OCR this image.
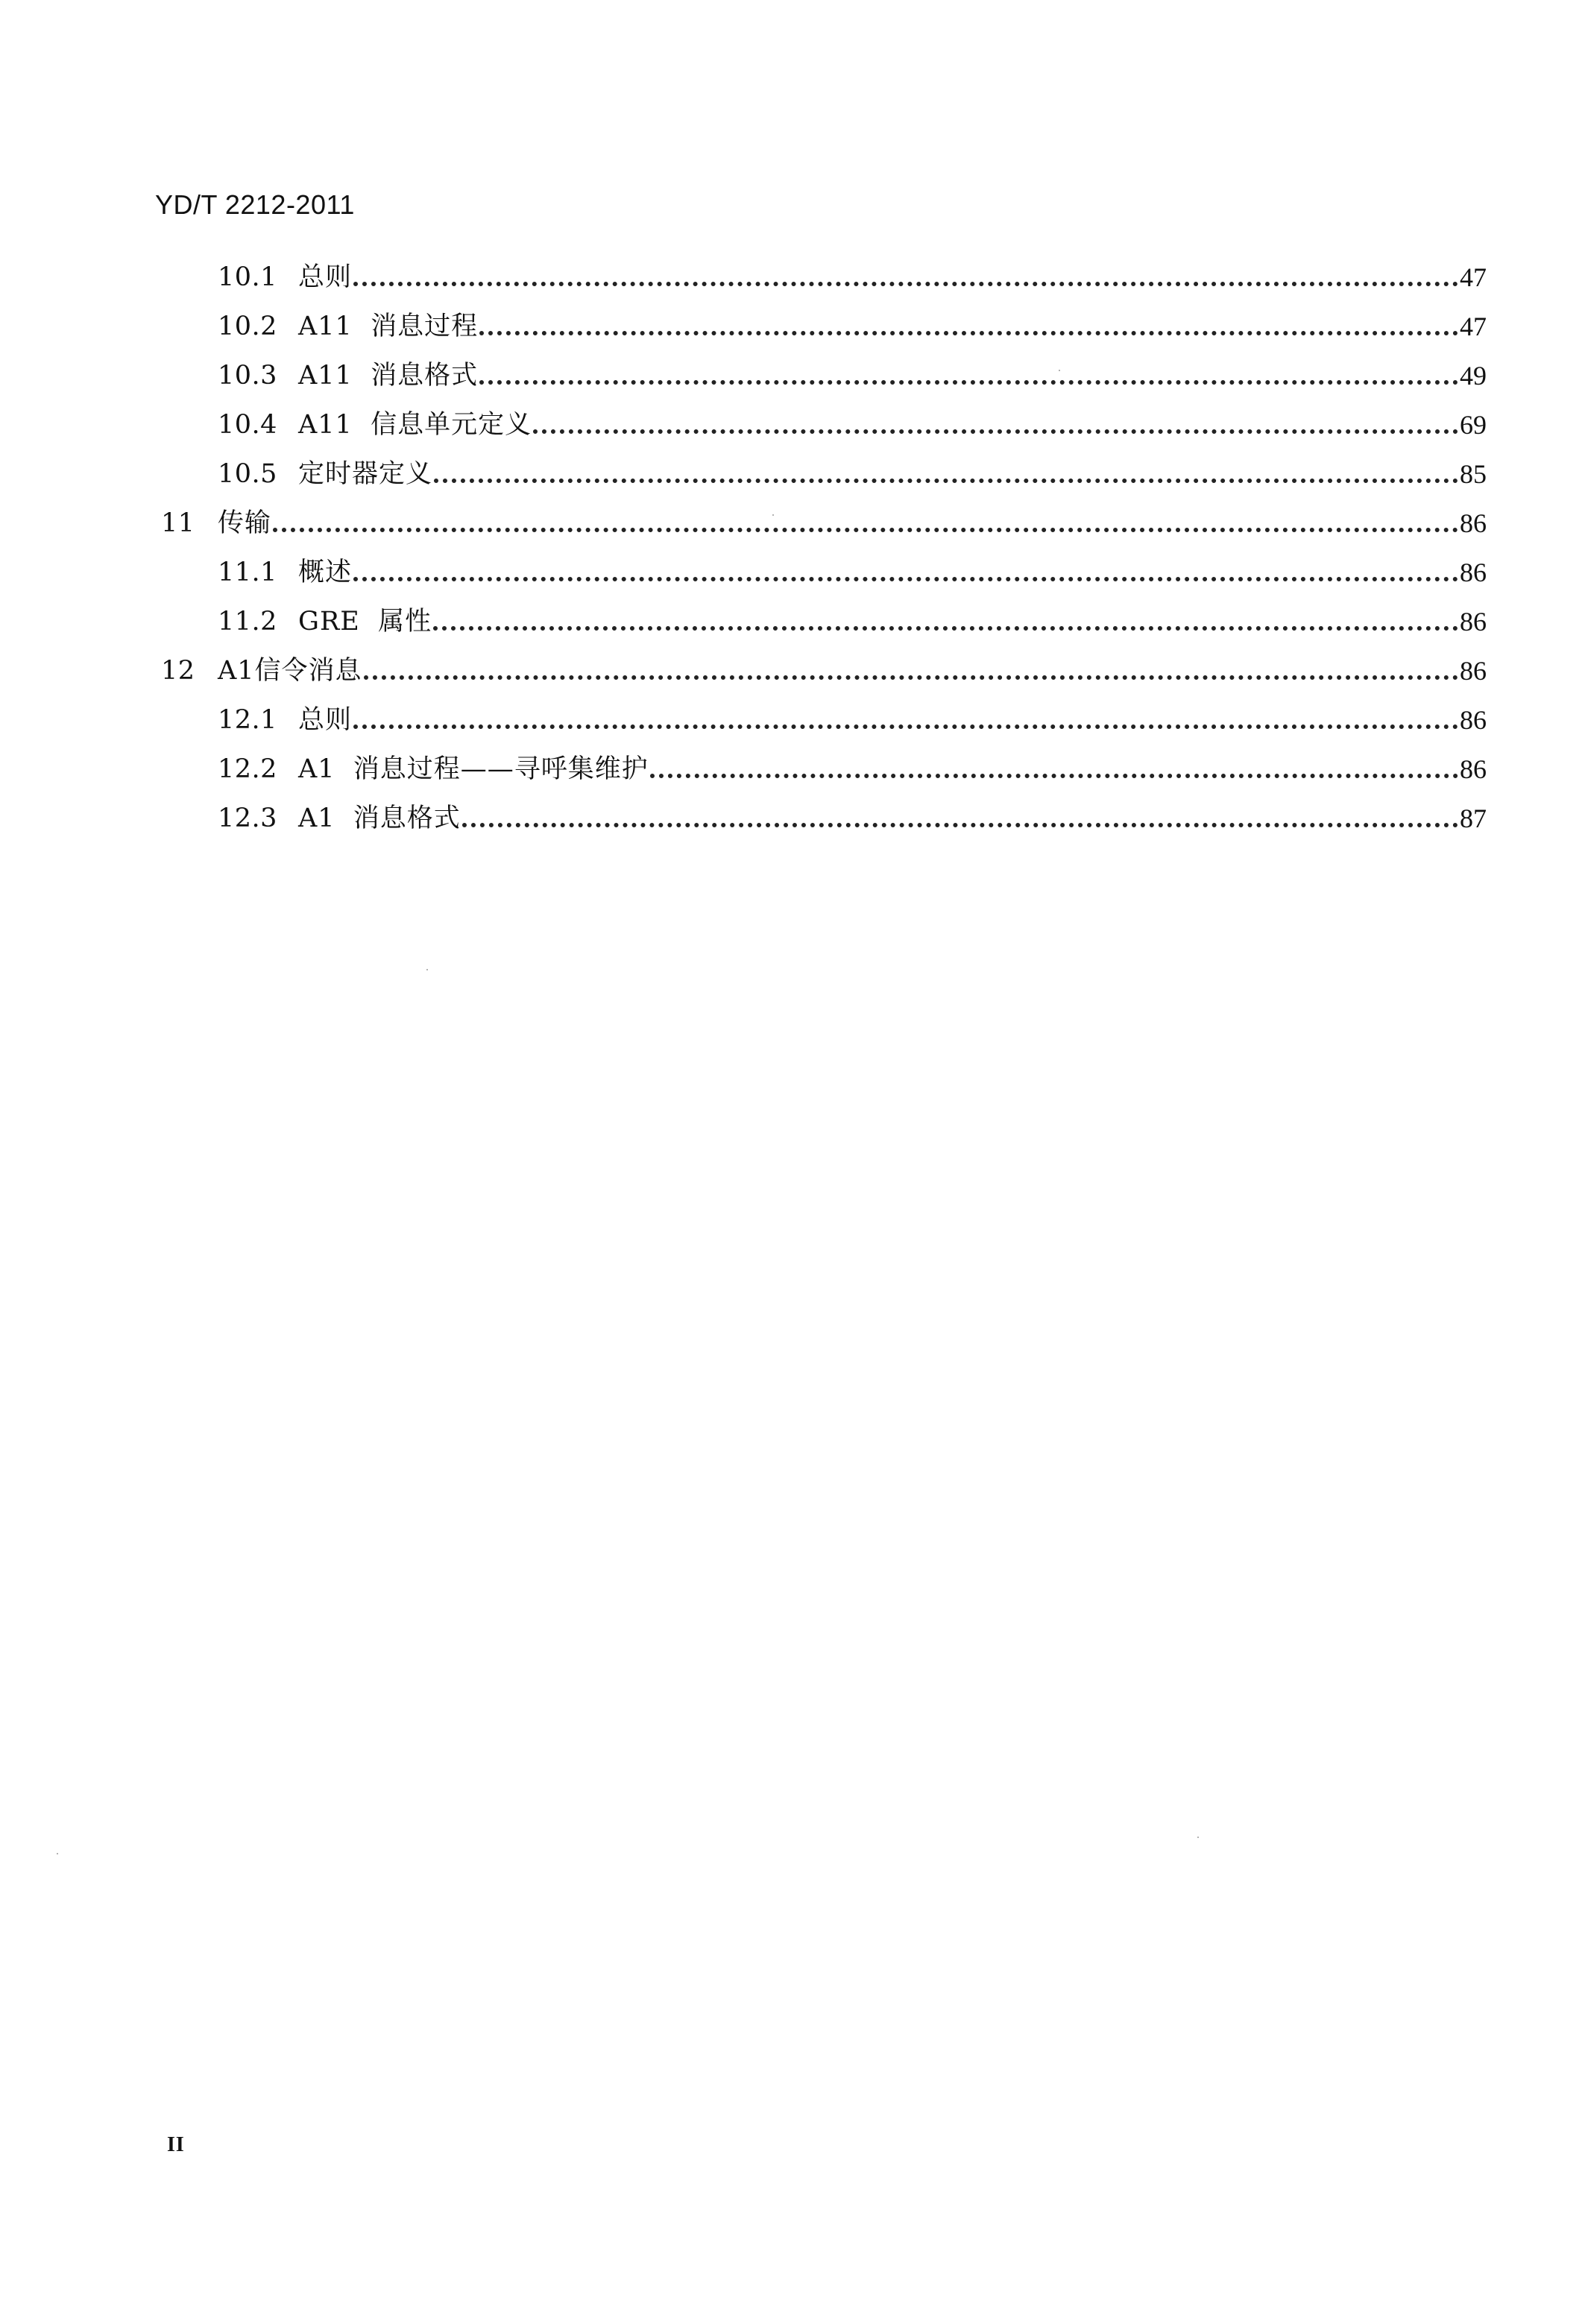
YD/T 2212-2011
10.1 总则	47
10.2 A11  消息过程	47
10.3 A11  消息格式	49
10.4 A11  信息单元定义	69
10.5 定时器定义	85
11 传输	86
11.1 概述	86
11.2 GRE  属性	86
12 A1信令消息	86
12.1 总则	86
12.2 A1  消息过程——寻呼集维护	86
12.3 A1  消息格式	87
II
